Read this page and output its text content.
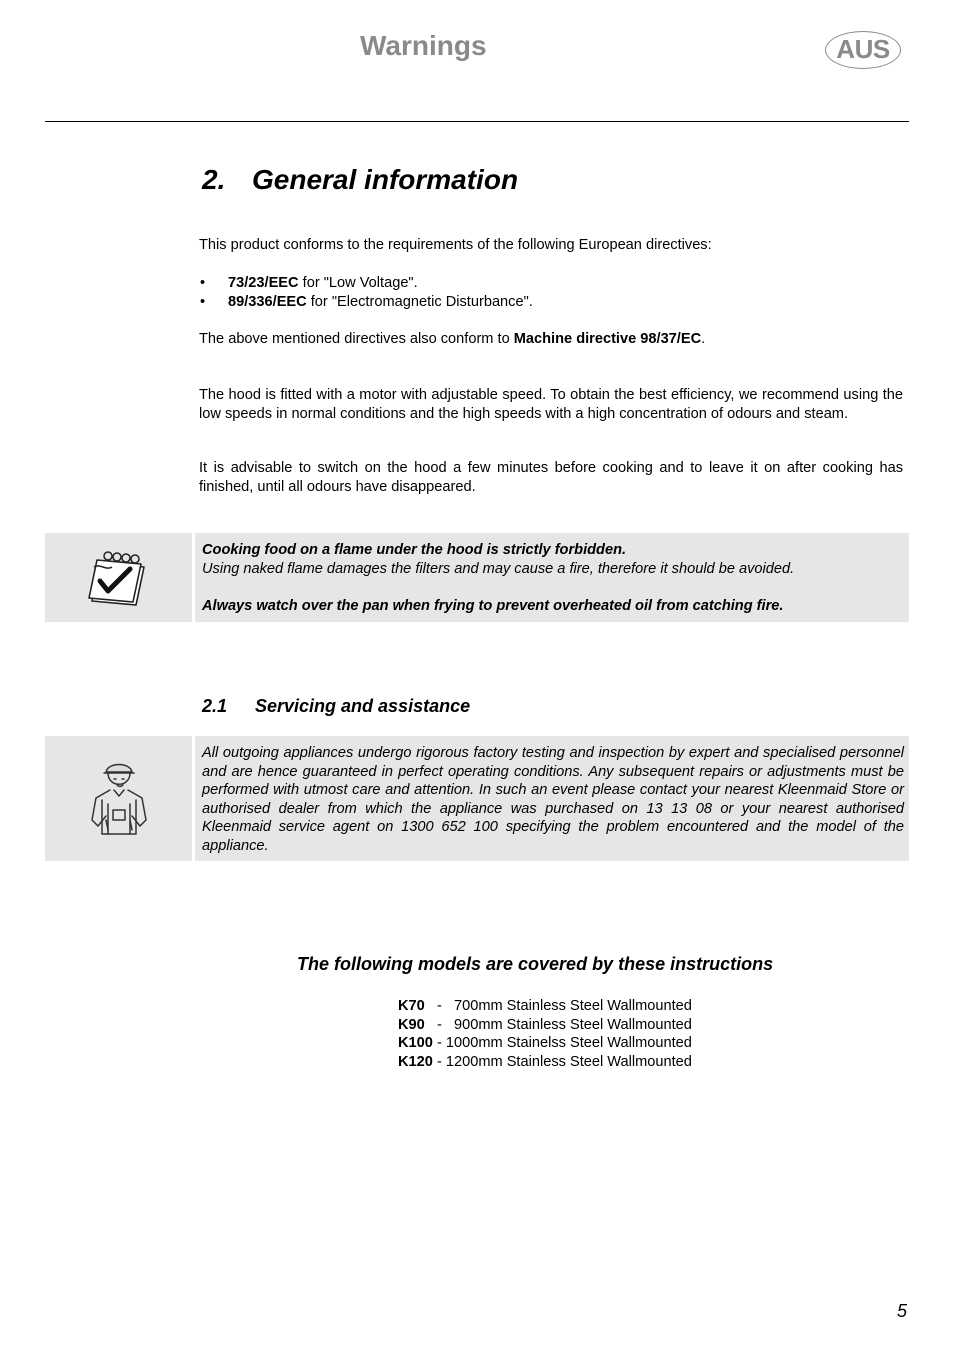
Warnings	AUS
2. General information
This product conforms to the requirements of the following European directives:
• 73/23/EEC for "Low Voltage".
• 89/336/EEC for "Electromagnetic Disturbance".
The above mentioned directives also conform to Machine directive 98/37/EC.
The hood is fitted with a motor with adjustable speed. To obtain the best efficiency, we recommend using the low speeds in normal conditions and the high speeds with a high concentration of odours and steam.
It is advisable to switch on the hood a few minutes before cooking and to leave it on after cooking has finished, until all odours have disappeared.
Cooking food on a flame under the hood is strictly forbidden.
Using naked flame damages the filters and may cause a fire, therefore it should be avoided.
Always watch over the pan when frying to prevent overheated oil from catching fire.
2.1 Servicing and assistance
All outgoing appliances undergo rigorous factory testing and inspection by expert and specialised personnel and are hence guaranteed in perfect operating conditions. Any subsequent repairs or adjustments must be performed with utmost care and attention. In such an event please contact your nearest Kleenmaid Store or authorised dealer from which the appliance was purchased on 13 13 08 or your nearest authorised Kleenmaid service agent on 1300 652 100 specifying the problem encountered and the model of the appliance.
The following models are covered by these instructions
K70   -   700mm Stainless Steel Wallmounted
K90   -   900mm Stainless Steel Wallmounted
K100 - 1000mm Stainelss Steel Wallmounted
K120 - 1200mm Stainless Steel Wallmounted
5
